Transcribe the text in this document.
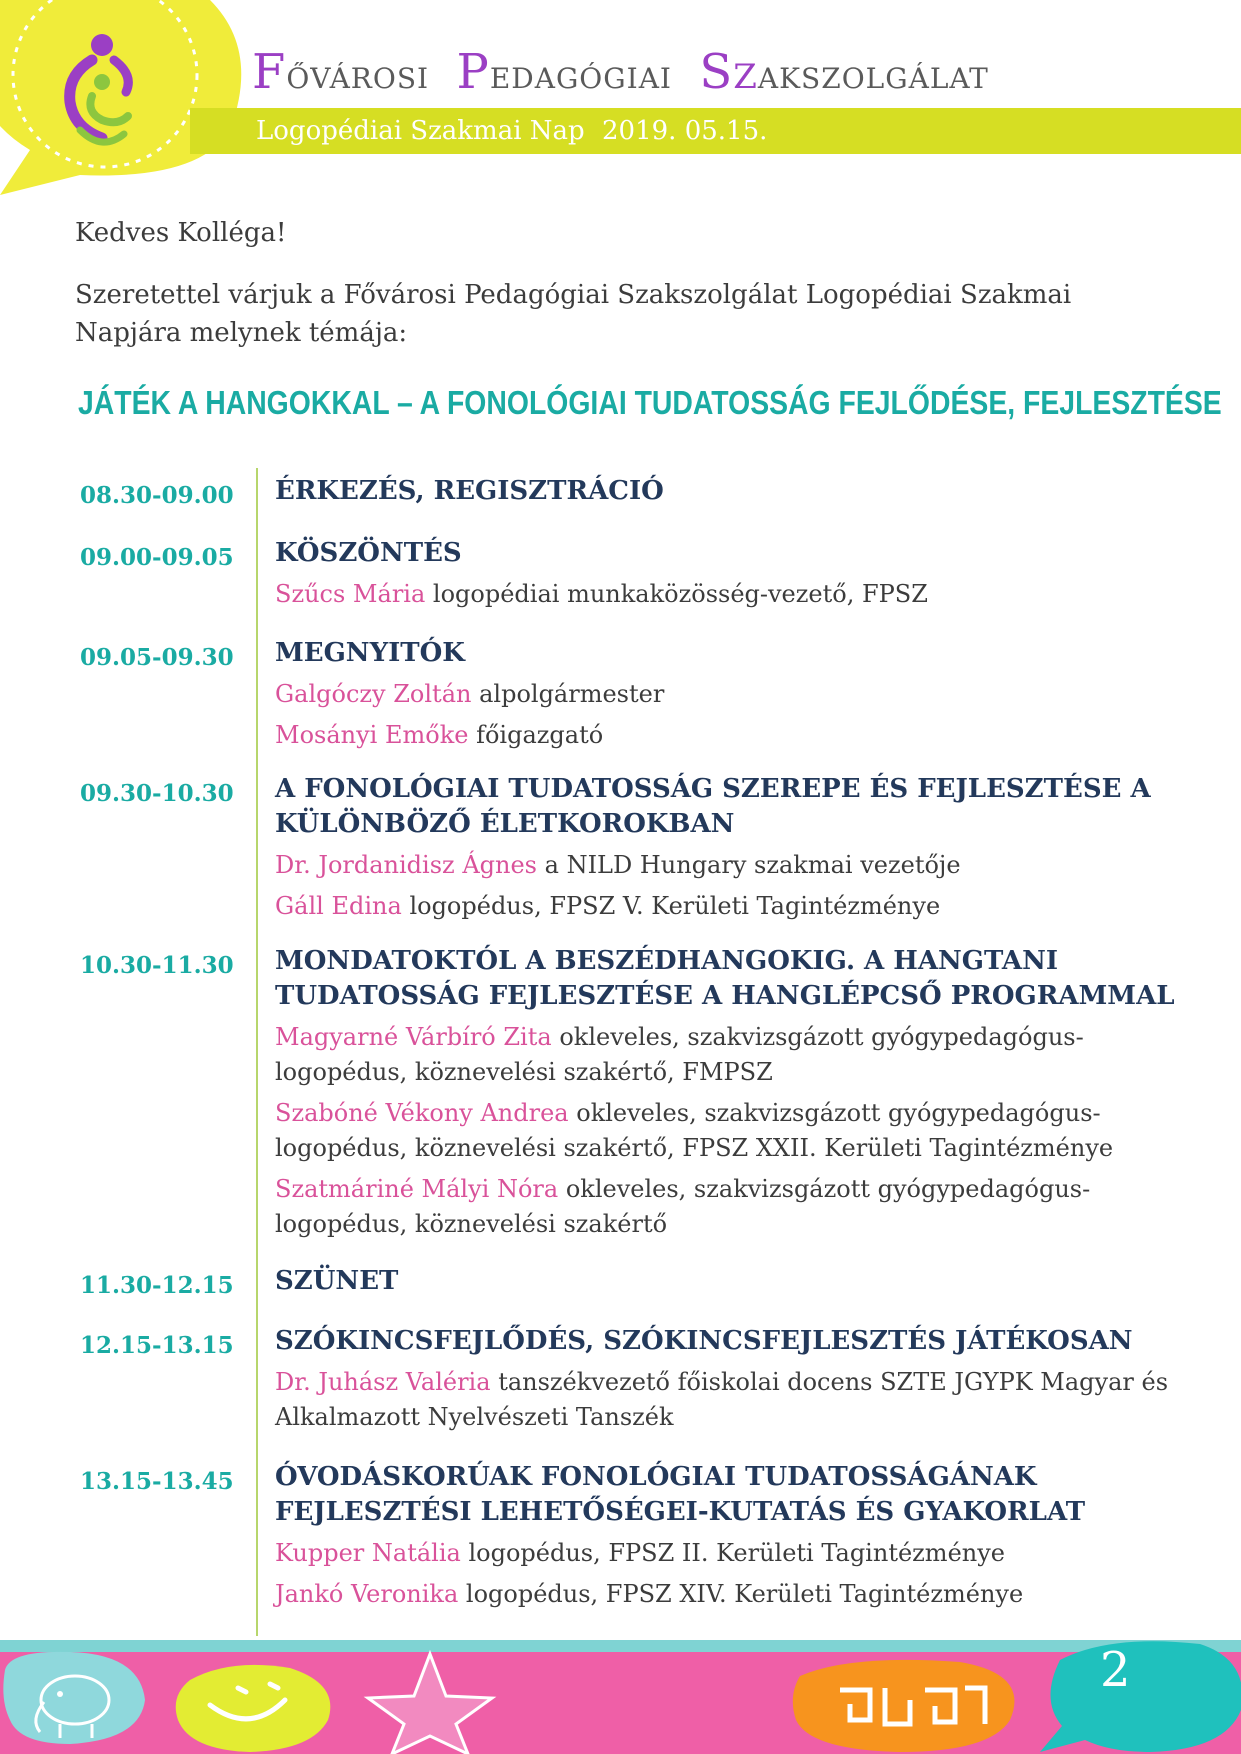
Fővárosi Pedagógiai Szakszolgálat
Logopédiai Szakmai Nap 2019. 05.15.

Kedves Kolléga!

Szeretettel várjuk a Fővárosi Pedagógiai Szakszolgálat Logopédiai Szakmai Napjára melynek témája:

JÁTÉK A HANGOKKAL – A FONOLÓGIAI TUDATOSSÁG FEJLŐDÉSE, FEJLESZTÉSE
08.30-09.00 ÉRKEZÉS, REGISZTRÁCIÓ

09.00-09.05 KÖSZÖNTÉS

Szűcs Mária logopédiai munkaközösség-vezető, FPSZ

09.05-09.30 MEGNYITÓK

Galgóczy Zoltán alpolgármester

Mosányi Emőke főigazgató

09.30-10.30 A FONOLÓGIAI TUDATOSSÁG SZEREPE ÉS FEJLESZTÉSE A KÜLÖNBÖZŐ ÉLETKOROKBAN

Dr. Jordanidisz Ágnes a NILD Hungary szakmai vezetője

Gáll Edina logopédus, FPSZ V. Kerületi Tagintézménye

10.30-11.30 MONDATOKTÓL A BESZÉDHANGOKIG. A HANGTANI TUDATOSSÁG FEJLESZTÉSE A HANGLÉPCSŐ PROGRAMMAL

Magyarné Várbíró Zita okleveles, szakvizsgázott gyógypedagógus-logopédus, köznevelési szakértő, FMPSZ

Szabóné Vékony Andrea okleveles, szakvizsgázott gyógypedagógus-logopédus, köznevelési szakértő, FPSZ XXII. Kerületi Tagintézménye

Szatmáriné Mályi Nóra okleveles, szakvizsgázott gyógypedagógus-logopédus, köznevelési szakértő

11.30-12.15 SZÜNET

12.15-13.15 SZÓKINCSFEJLŐDÉS, SZÓKINCSFEJLESZTÉS JÁTÉKOSAN

Dr. Juhász Valéria tanszékvezető főiskolai docens SZTE JGYPK Magyar és Alkalmazott Nyelvészeti Tanszék

13.15-13.45 ÓVODÁSKORÚAK FONOLÓGIAI TUDATOSSÁGÁNAK FEJLESZTÉSI LEHETŐSÉGEI-KUTATÁS ÉS GYAKORLAT

Kupper Natália logopédus, FPSZ II. Kerületi Tagintézménye

Jankó Veronika logopédus, FPSZ XIV. Kerületi Tagintézménye

2
